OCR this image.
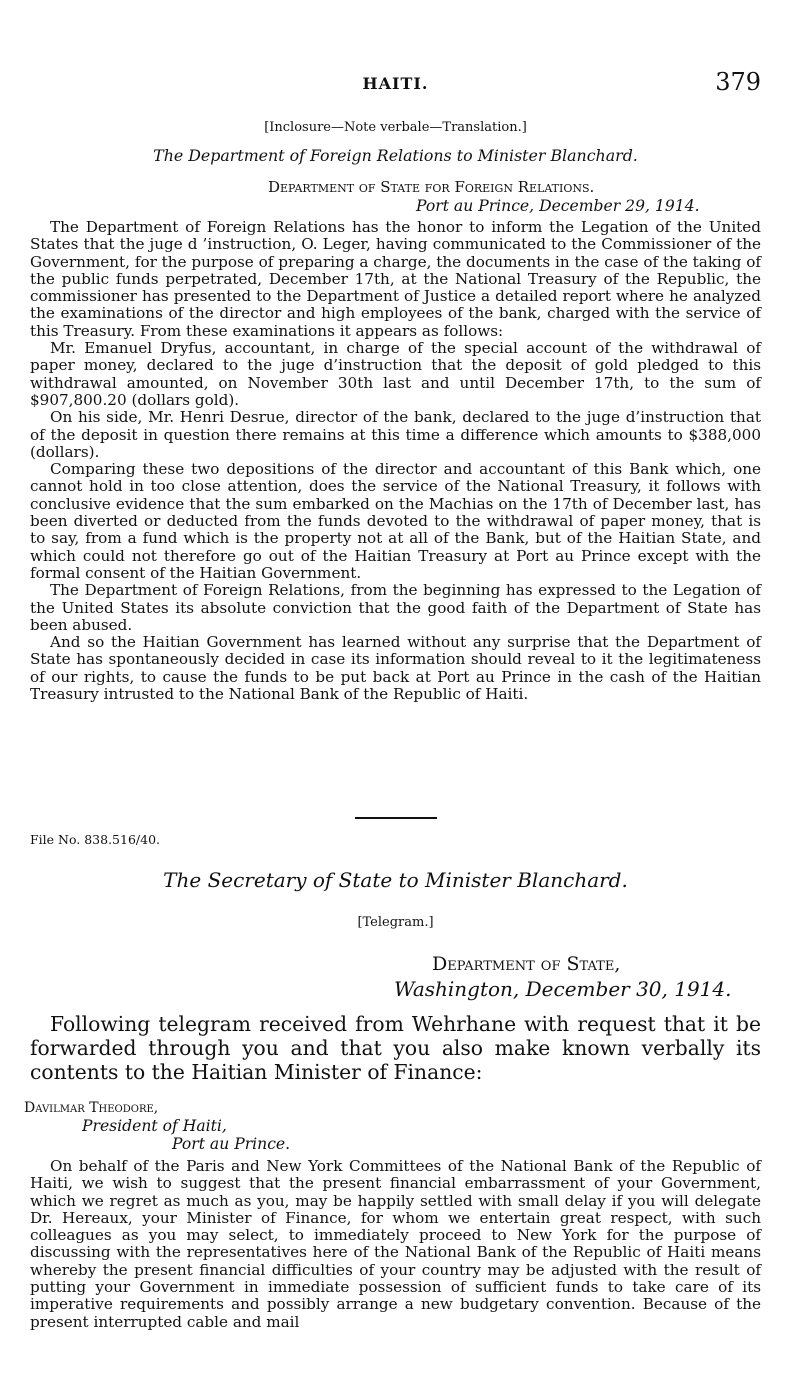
HAITI.	379
[Inclosure—Note verbale—Translation.]
The Department of Foreign Relations to Minister Blanchard.
Department of State for Foreign Relations.
Port au Prince, December 29, 1914.

The Department of Foreign Relations has the honor to inform the Legation of the United States that the juge d ’instruction, O. Leger, having communicated to the Commissioner of the Government, for the purpose of preparing a charge, the documents in the case of the taking of the public funds perpetrated, December 17th, at the National Treasury of the Republic, the commissioner has presented to the Department of Justice a detailed report where he analyzed the examinations of the director and high employees of the bank, charged with the service of this Treasury. From these examinations it appears as follows:

Mr. Emanuel Dryfus, accountant, in charge of the special account of the withdrawal of paper money, declared to the juge d’instruction that the deposit of gold pledged to this withdrawal amounted, on November 30th last and until December 17th, to the sum of $907,800.20 (dollars gold).

On his side, Mr. Henri Desrue, director of the bank, declared to the juge d’instruction that of the deposit in question there remains at this time a difference which amounts to $388,000 (dollars).

Comparing these two depositions of the director and accountant of this Bank which, one cannot hold in too close attention, does the service of the National Treasury, it follows with conclusive evidence that the sum embarked on the Machias on the 17th of December last, has been diverted or deducted from the funds devoted to the withdrawal of paper money, that is to say, from a fund which is the property not at all of the Bank, but of the Haitian State, and which could not therefore go out of the Haitian Treasury at Port au Prince except with the formal consent of the Haitian Government.

The Department of Foreign Relations, from the beginning has expressed to the Legation of the United States its absolute conviction that the good faith of the Department of State has been abused.

And so the Haitian Government has learned without any surprise that the Department of State has spontaneously decided in case its information should reveal to it the legitimateness of our rights, to cause the funds to be put back at Port au Prince in the cash of the Haitian Treasury intrusted to the National Bank of the Republic of Haiti.

File No. 838.516/40.
The Secretary of State to Minister Blanchard.
[Telegram.]
Department of State,
Washington, December 30, 1914.

Following telegram received from Wehrhane with request that it be forwarded through you and that you also make known verbally its contents to the Haitian Minister of Finance:

Davilmar Theodore,
President of Haiti,
Port au Prince.

On behalf of the Paris and New York Committees of the National Bank of the Republic of Haiti, we wish to suggest that the present financial embarrassment of your Government, which we regret as much as you, may be happily settled with small delay if you will delegate Dr. Hereaux, your Minister of Finance, for whom we entertain great respect, with such colleagues as you may select, to immediately proceed to New York for the purpose of discussing with the representatives here of the National Bank of the Republic of Haiti means whereby the present financial difficulties of your country may be adjusted with the result of putting your Government in immediate possession of sufficient funds to take care of its imperative requirements and possibly arrange a new budgetary convention. Because of the present interrupted cable and mail
